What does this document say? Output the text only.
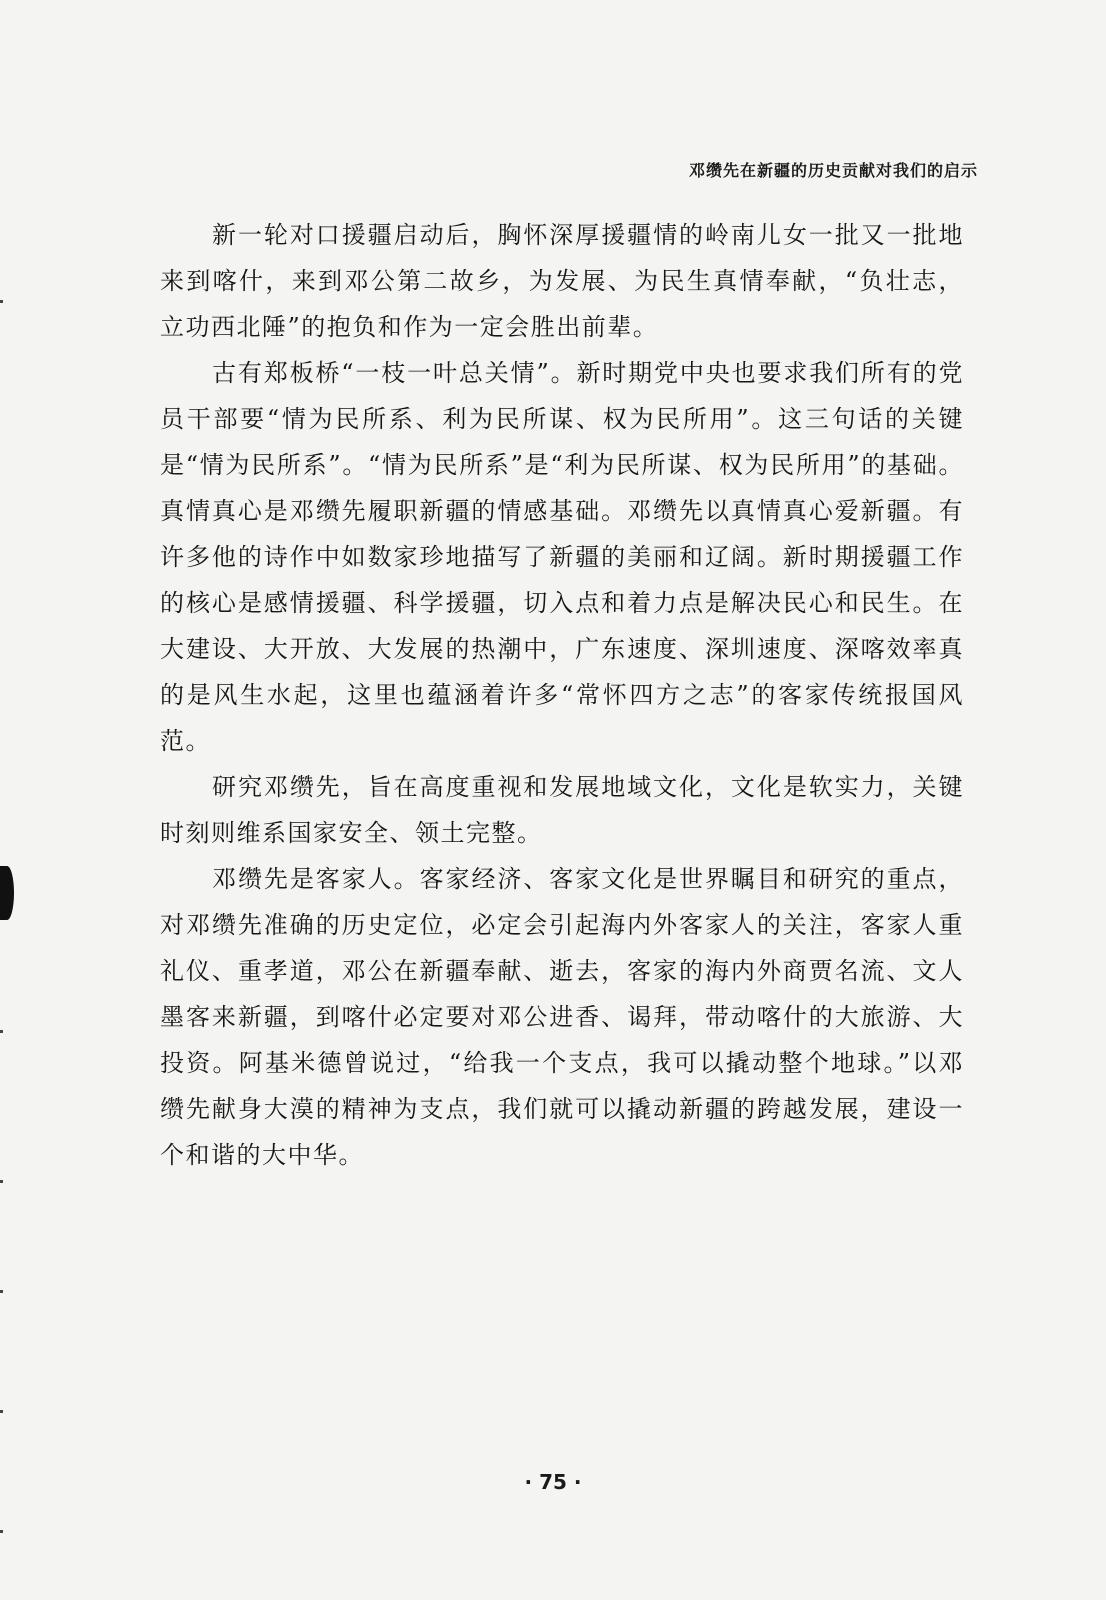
邓缵先在新疆的历史贡献对我们的启示

新一轮对口援疆启动后，胸怀深厚援疆情的岭南儿女一批又一批地来到喀什，来到邓公第二故乡，为发展、为民生真情奉献，“负壮志，立功西北陲”的抱负和作为一定会胜出前辈。

古有郑板桥“一枝一叶总关情”。新时期党中央也要求我们所有的党员干部要“情为民所系、利为民所谋、权为民所用”。这三句话的关键是“情为民所系”。“情为民所系”是“利为民所谋、权为民所用”的基础。真情真心是邓缵先履职新疆的情感基础。邓缵先以真情真心爱新疆。有许多他的诗作中如数家珍地描写了新疆的美丽和辽阔。新时期援疆工作的核心是感情援疆、科学援疆，切入点和着力点是解决民心和民生。在大建设、大开放、大发展的热潮中，广东速度、深圳速度、深喀效率真的是风生水起，这里也蕴涵着许多“常怀四方之志”的客家传统报国风范。

研究邓缵先，旨在高度重视和发展地域文化，文化是软实力，关键时刻则维系国家安全、领土完整。

邓缵先是客家人。客家经济、客家文化是世界瞩目和研究的重点，对邓缵先准确的历史定位，必定会引起海内外客家人的关注，客家人重礼仪、重孝道，邓公在新疆奉献、逝去，客家的海内外商贾名流、文人墨客来新疆，到喀什必定要对邓公进香、谒拜，带动喀什的大旅游、大投资。阿基米德曾说过，“给我一个支点，我可以撬动整个地球。”以邓缵先献身大漠的精神为支点，我们就可以撬动新疆的跨越发展，建设一个和谐的大中华。

· 75 ·
